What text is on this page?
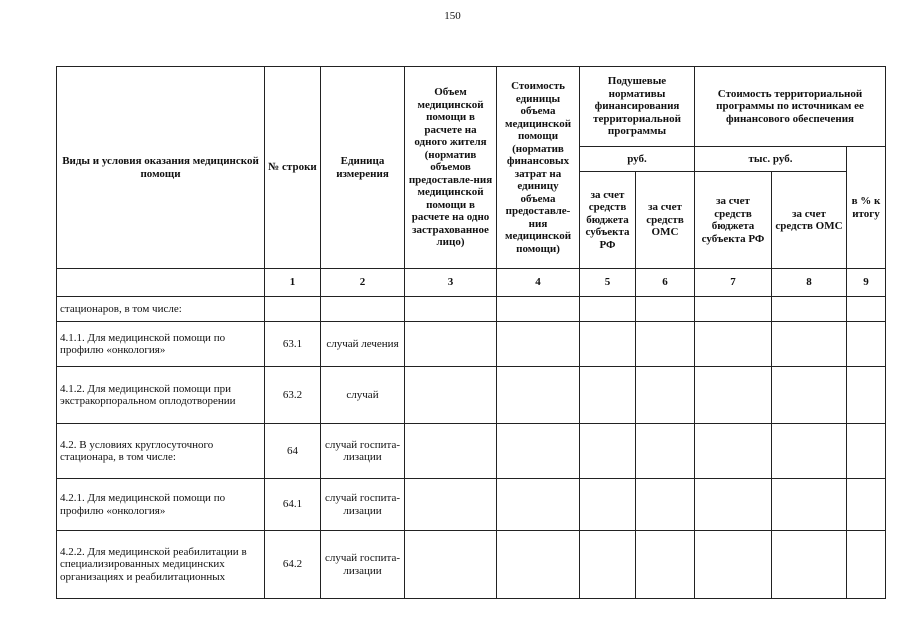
150
Виды и условия оказания медицинской помощи	№ строки	Единица измерения	Объем медицинской помощи в расчете на одного жителя (норматив объемов предоставле-ния медицинской помощи в расчете на одно застрахованное лицо)	Стоимость единицы объема медицинской помощи (норматив финансовых затрат на единицу объема предоставле-ния медицинской помощи)	Подушевые нормативы финансирования территориальной программы		Стоимость территориальной программы по источникам ее финансового обеспечения		
					руб.		тыс. руб.		в % к итогу
					за счет средств бюджета субъекта РФ	за счет средств ОМС	за счет средств бюджета субъекта РФ	за счет средств ОМС	
	1	2	3	4	5	6	7	8	9
стационаров, в том числе:									
4.1.1. Для медицинской помощи по профилю «онкология»	63.1	случай лечения							
4.1.2. Для медицинской помощи при экстракорпоральном оплодотворении	63.2	случай							
4.2. В условиях круглосуточного стационара, в том числе:	64	случай госпита-лизации							
4.2.1. Для медицинской помощи по профилю «онкология»	64.1	случай госпита-лизации							
4.2.2. Для медицинской реабилитации в специализированных медицинских организациях и реабилитационных	64.2	случай госпита-лизации							
